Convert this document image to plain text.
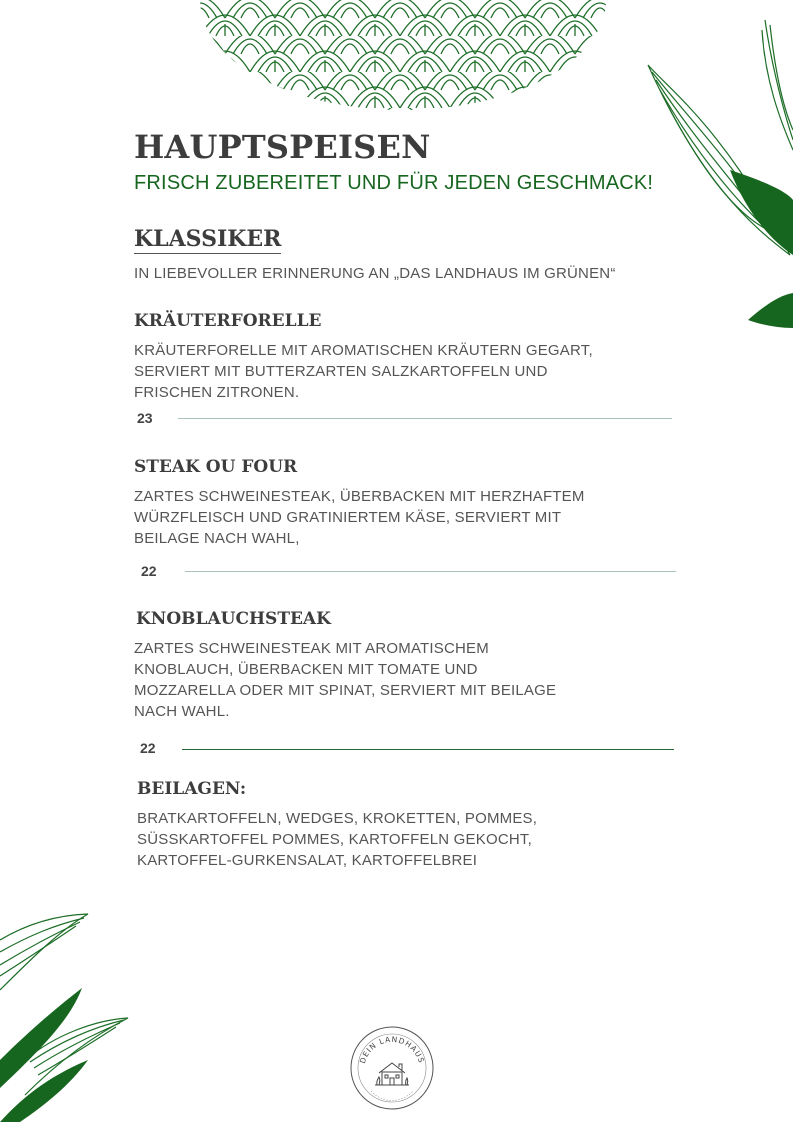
HAUPTSPEISEN
FRISCH ZUBEREITET UND FÜR JEDEN GESCHMACK!
KLASSIKER
IN LIEBEVOLLER ERINNERUNG AN „DAS LANDHAUS IM GRÜNEN“
KRÄUTERFORELLE
KRÄUTERFORELLE MIT AROMATISCHEN KRÄUTERN GEGART,
SERVIERT MIT BUTTERZARTEN SALZKARTOFFELN UND
FRISCHEN ZITRONEN.
23
STEAK OU FOUR
ZARTES SCHWEINESTEAK, ÜBERBACKEN MIT HERZHAFTEM
WÜRZFLEISCH UND GRATINIERTEM KÄSE, SERVIERT MIT
BEILAGE NACH WAHL,
22
KNOBLAUCHSTEAK
ZARTES SCHWEINESTEAK MIT AROMATISCHEM
KNOBLAUCH, ÜBERBACKEN MIT TOMATE UND
MOZZARELLA ODER MIT SPINAT, SERVIERT MIT BEILAGE
NACH WAHL.
22
BEILAGEN:
BRATKARTOFFELN, WEDGES, KROKETTEN, POMMES,
SÜSSKARTOFFEL POMMES, KARTOFFELN GEKOCHT,
KARTOFFEL-GURKENSALAT, KARTOFFELBREI
DEIN LANDHAUS
